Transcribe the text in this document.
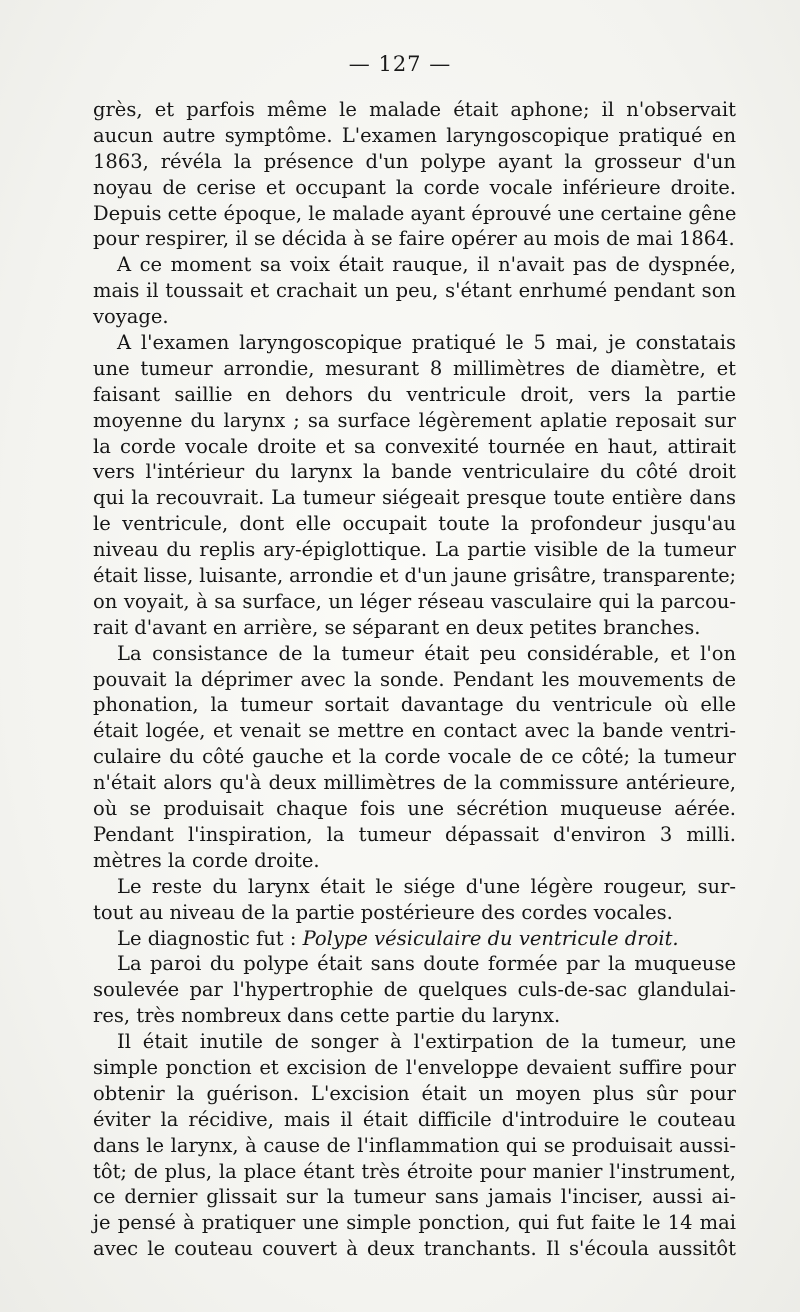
— 127 —
grès, et parfois même le malade était aphone; il n'observait
aucun autre symptôme. L'examen laryngoscopique pratiqué en
1863, révéla la présence d'un polype ayant la grosseur d'un
noyau de cerise et occupant la corde vocale inférieure droite.
Depuis cette époque, le malade ayant éprouvé une certaine gêne
pour respirer, il se décida à se faire opérer au mois de mai 1864.
A ce moment sa voix était rauque, il n'avait pas de dyspnée,
mais il toussait et crachait un peu, s'étant enrhumé pendant son
voyage.
A l'examen laryngoscopique pratiqué le 5 mai, je constatais
une tumeur arrondie, mesurant 8 millimètres de diamètre, et
faisant saillie en dehors du ventricule droit, vers la partie
moyenne du larynx ; sa surface légèrement aplatie reposait sur
la corde vocale droite et sa convexité tournée en haut, attirait
vers l'intérieur du larynx la bande ventriculaire du côté droit
qui la recouvrait. La tumeur siégeait presque toute entière dans
le ventricule, dont elle occupait toute la profondeur jusqu'au
niveau du replis ary-épiglottique. La partie visible de la tumeur
était lisse, luisante, arrondie et d'un jaune grisâtre, transparente;
on voyait, à sa surface, un léger réseau vasculaire qui la parcou-
rait d'avant en arrière, se séparant en deux petites branches.
La consistance de la tumeur était peu considérable, et l'on
pouvait la déprimer avec la sonde. Pendant les mouvements de
phonation, la tumeur sortait davantage du ventricule où elle
était logée, et venait se mettre en contact avec la bande ventri-
culaire du côté gauche et la corde vocale de ce côté; la tumeur
n'était alors qu'à deux millimètres de la commissure antérieure,
où se produisait chaque fois une sécrétion muqueuse aérée.
Pendant l'inspiration, la tumeur dépassait d'environ 3 milli.
mètres la corde droite.
Le reste du larynx était le siége d'une légère rougeur, sur-
tout au niveau de la partie postérieure des cordes vocales.
Le diagnostic fut : Polype vésiculaire du ventricule droit.
La paroi du polype était sans doute formée par la muqueuse
soulevée par l'hypertrophie de quelques culs-de-sac glandulai-
res, très nombreux dans cette partie du larynx.
Il était inutile de songer à l'extirpation de la tumeur, une
simple ponction et excision de l'enveloppe devaient suffire pour
obtenir la guérison. L'excision était un moyen plus sûr pour
éviter la récidive, mais il était difficile d'introduire le couteau
dans le larynx, à cause de l'inflammation qui se produisait aussi-
tôt; de plus, la place étant très étroite pour manier l'instrument,
ce dernier glissait sur la tumeur sans jamais l'inciser, aussi ai-
je pensé à pratiquer une simple ponction, qui fut faite le 14 mai
avec le couteau couvert à deux tranchants. Il s'écoula aussitôt
